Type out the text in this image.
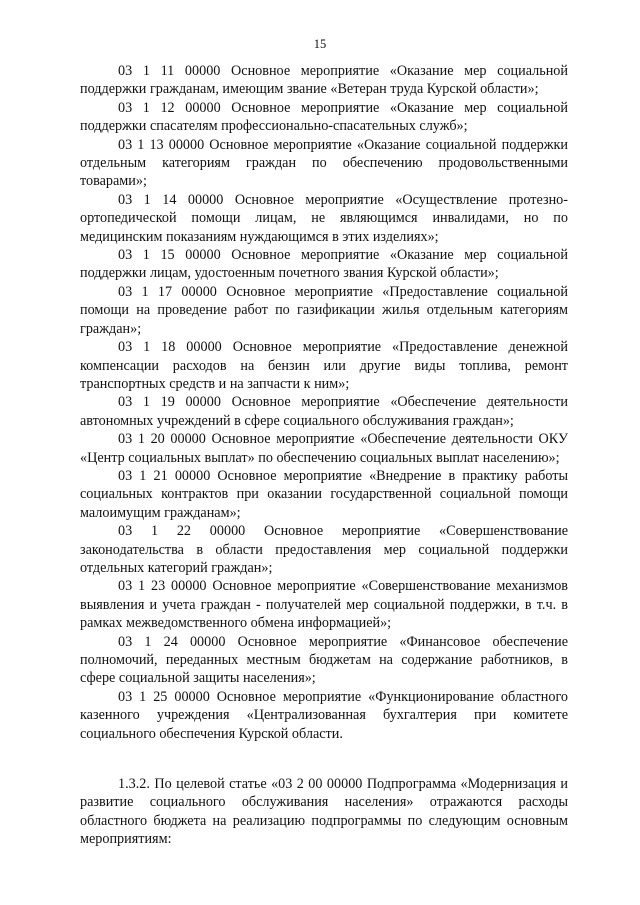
15

03 1 11 00000 Основное мероприятие «Оказание мер социальной поддержки гражданам, имеющим звание «Ветеран труда Курской области»;

03 1 12 00000 Основное мероприятие «Оказание мер социальной поддержки спасателям профессионально-спасательных служб»;

03 1 13 00000 Основное мероприятие «Оказание социальной поддержки отдельным категориям граждан по обеспечению продовольственными товарами»;

03 1 14 00000 Основное мероприятие «Осуществление протезно-ортопедической помощи лицам, не являющимся инвалидами, но по медицинским показаниям нуждающимся в этих изделиях»;

03 1 15 00000 Основное мероприятие «Оказание мер социальной поддержки лицам, удостоенным почетного звания Курской области»;

03 1 17 00000 Основное мероприятие «Предоставление социальной помощи на проведение работ по газификации жилья отдельным категориям граждан»;

03 1 18 00000 Основное мероприятие «Предоставление денежной компенсации расходов на бензин или другие виды топлива, ремонт транспортных средств и на запчасти к ним»;

03 1 19 00000 Основное мероприятие «Обеспечение деятельности автономных учреждений в сфере социального обслуживания граждан»;

03 1 20 00000 Основное мероприятие «Обеспечение деятельности ОКУ «Центр социальных выплат» по обеспечению социальных выплат населению»;

03 1 21 00000 Основное мероприятие «Внедрение в практику работы социальных контрактов при оказании государственной социальной помощи малоимущим гражданам»;

03 1 22 00000 Основное мероприятие «Совершенствование законодательства в области предоставления мер социальной поддержки отдельных категорий граждан»;

03 1 23 00000 Основное мероприятие «Совершенствование механизмов выявления и учета граждан - получателей мер социальной поддержки, в т.ч. в рамках межведомственного обмена информацией»;

03 1 24 00000 Основное мероприятие «Финансовое обеспечение полномочий, переданных местным бюджетам на содержание работников, в сфере социальной защиты населения»;

03 1 25 00000 Основное мероприятие «Функционирование областного казенного учреждения «Централизованная бухгалтерия при комитете социального обеспечения Курской области.

1.3.2. По целевой статье «03 2 00 00000 Подпрограмма «Модернизация и развитие социального обслуживания населения» отражаются расходы областного бюджета на реализацию подпрограммы по следующим основным мероприятиям:
